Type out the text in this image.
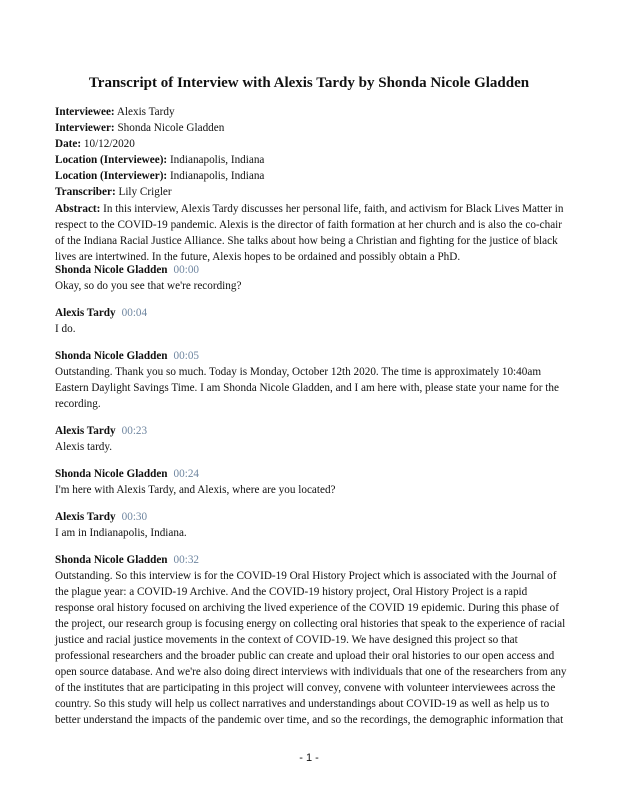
Transcript of Interview with Alexis Tardy by Shonda Nicole Gladden
Interviewee: Alexis Tardy
Interviewer: Shonda Nicole Gladden
Date: 10/12/2020
Location (Interviewee): Indianapolis, Indiana
Location (Interviewer): Indianapolis, Indiana
Transcriber: Lily Crigler
Abstract: In this interview, Alexis Tardy discusses her personal life, faith, and activism for Black Lives Matter in respect to the COVID-19 pandemic. Alexis is the director of faith formation at her church and is also the co-chair of the Indiana Racial Justice Alliance. She talks about how being a Christian and fighting for the justice of black lives are intertwined. In the future, Alexis hopes to be ordained and possibly obtain a PhD.
Shonda Nicole Gladden 00:00
Okay, so do you see that we're recording?
Alexis Tardy 00:04
I do.
Shonda Nicole Gladden 00:05
Outstanding. Thank you so much. Today is Monday, October 12th 2020. The time is approximately 10:40am Eastern Daylight Savings Time. I am Shonda Nicole Gladden, and I am here with, please state your name for the recording.
Alexis Tardy 00:23
Alexis tardy.
Shonda Nicole Gladden 00:24
I'm here with Alexis Tardy, and Alexis, where are you located?
Alexis Tardy 00:30
I am in Indianapolis, Indiana.
Shonda Nicole Gladden 00:32
Outstanding. So this interview is for the COVID-19 Oral History Project which is associated with the Journal of the plague year: a COVID-19 Archive. And the COVID-19 history project, Oral History Project is a rapid response oral history focused on archiving the lived experience of the COVID 19 epidemic. During this phase of the project, our research group is focusing energy on collecting oral histories that speak to the experience of racial justice and racial justice movements in the context of COVID-19. We have designed this project so that professional researchers and the broader public can create and upload their oral histories to our open access and open source database. And we're also doing direct interviews with individuals that one of the researchers from any of the institutes that are participating in this project will convey, convene with volunteer interviewees across the country. So this study will help us collect narratives and understandings about COVID-19 as well as help us to better understand the impacts of the pandemic over time, and so the recordings, the demographic information that
- 1 -
